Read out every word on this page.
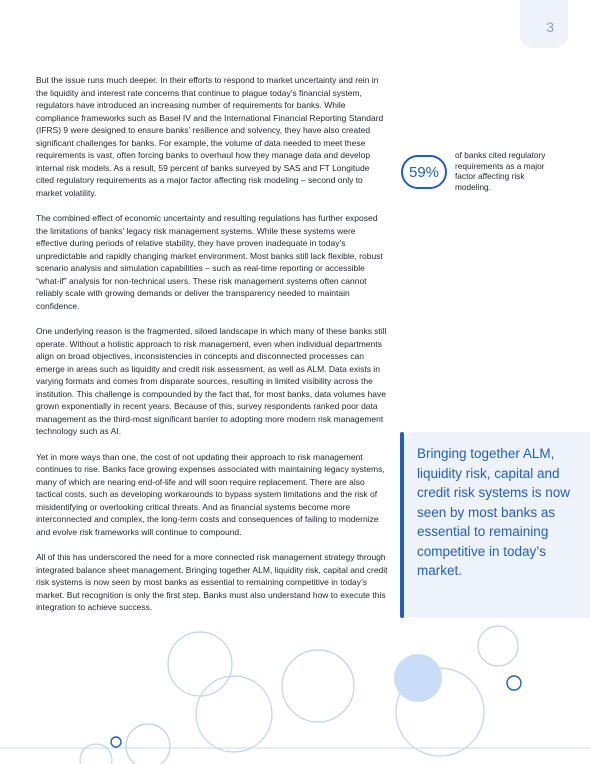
3

But the issue runs much deeper. In their efforts to respond to market uncertainty and rein in the liquidity and interest rate concerns that continue to plague today’s financial system, regulators have introduced an increasing number of requirements for banks. While compliance frameworks such as Basel IV and the International Financial Reporting Standard (IFRS) 9 were designed to ensure banks’ resilience and solvency, they have also created significant challenges for banks. For example, the volume of data needed to meet these requirements is vast, often forcing banks to overhaul how they manage data and develop internal risk models. As a result, 59 percent of banks surveyed by SAS and FT Longitude cited regulatory requirements as a major factor affecting risk modeling – second only to market volatility.

The combined effect of economic uncertainty and resulting regulations has further exposed the limitations of banks’ legacy risk management systems. While these systems were effective during periods of relative stability, they have proven inadequate in today’s unpredictable and rapidly changing market environment. Most banks still lack flexible, robust scenario analysis and simulation capabilities – such as real-time reporting or accessible “what-if” analysis for non-technical users. These risk management systems often cannot reliably scale with growing demands or deliver the transparency needed to maintain confidence.

One underlying reason is the fragmented, siloed landscape in which many of these banks still operate. Without a holistic approach to risk management, even when individual departments align on broad objectives, inconsistencies in concepts and disconnected processes can emerge in areas such as liquidity and credit risk assessment, as well as ALM. Data exists in varying formats and comes from disparate sources, resulting in limited visibility across the institution. This challenge is compounded by the fact that, for most banks, data volumes have grown exponentially in recent years. Because of this, survey respondents ranked poor data management as the third-most significant barrier to adopting more modern risk management technology such as AI.

Yet in more ways than one, the cost of not updating their approach to risk management continues to rise. Banks face growing expenses associated with maintaining legacy systems, many of which are nearing end-of-life and will soon require replacement. There are also tactical costs, such as developing workarounds to bypass system limitations and the risk of misidentifying or overlooking critical threats. And as financial systems become more interconnected and complex, the long-term costs and consequences of failing to modernize and evolve risk frameworks will continue to compound.

All of this has underscored the need for a more connected risk management strategy through integrated balance sheet management. Bringing together ALM, liquidity risk, capital and credit risk systems is now seen by most banks as essential to remaining competitive in today’s market. But recognition is only the first step. Banks must also understand how to execute this integration to achieve success.

59%
of banks cited regulatory requirements as a major factor affecting risk modeling.
Bringing together ALM, liquidity risk, capital and credit risk systems is now seen by most banks as essential to remaining competitive in today’s market.
